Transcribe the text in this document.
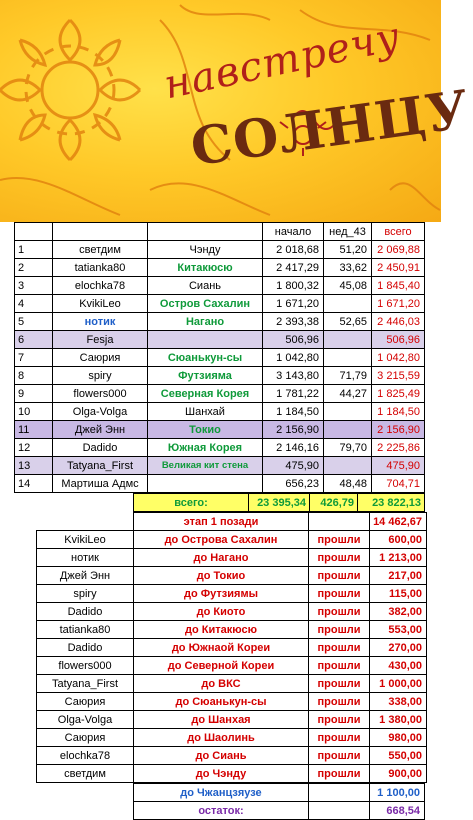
навстречу
СОЛНЦУ
			начало	нед_43	всего
1	светдим	Чэнду	2 018,68	51,20	2 069,88
2	tatianka80	Китакюсю	2 417,29	33,62	2 450,91
3	elochka78	Сиань	1 800,32	45,08	1 845,40
4	KvikiLeo	Остров Сахалин	1 671,20		1 671,20
5	нотик	Нагано	2 393,38	52,65	2 446,03
6	Fesja		506,96		506,96
7	Саюрия	Сюанькун-сы	1 042,80		1 042,80
8	spiry	Футзияма	3 143,80	71,79	3 215,59
9	flowers000	Северная Корея	1 781,22	44,27	1 825,49
10	Olga-Volga	Шанхай	1 184,50		1 184,50
11	Джей Энн	Токио	2 156,90		2 156,90
12	Dadido	Южная Корея	2 146,16	79,70	2 225,86
13	Tatyana_First	Великая кит стена	475,90		475,90
14	Мартиша Адмс		656,23	48,48	704,71
всего:	23 395,34	426,79	23 822,13
	этап 1 позади		14 462,67
KvikiLeo	до Острова Сахалин	прошли	600,00
нотик	до Нагано	прошли	1 213,00
Джей Энн	до Токио	прошли	217,00
spiry	до Футзиямы	прошли	115,00
Dadido	до Киото	прошли	382,00
tatianka80	до Китакюсю	прошли	553,00
Dadido	до Южнаой Кореи	прошли	270,00
flowers000	до Северной Кореи	прошли	430,00
Tatyana_First	до ВКС	прошли	1 000,00
Саюрия	до Сюанькун-сы	прошли	338,00
Olga-Volga	до Шанхая	прошли	1 380,00
Саюрия	до Шаолинь	прошли	980,00
elochka78	до Сиань	прошли	550,00
светдим	до Чэнду	прошли	900,00
до Чжанцзяузе		1 100,00
остаток:		668,54
